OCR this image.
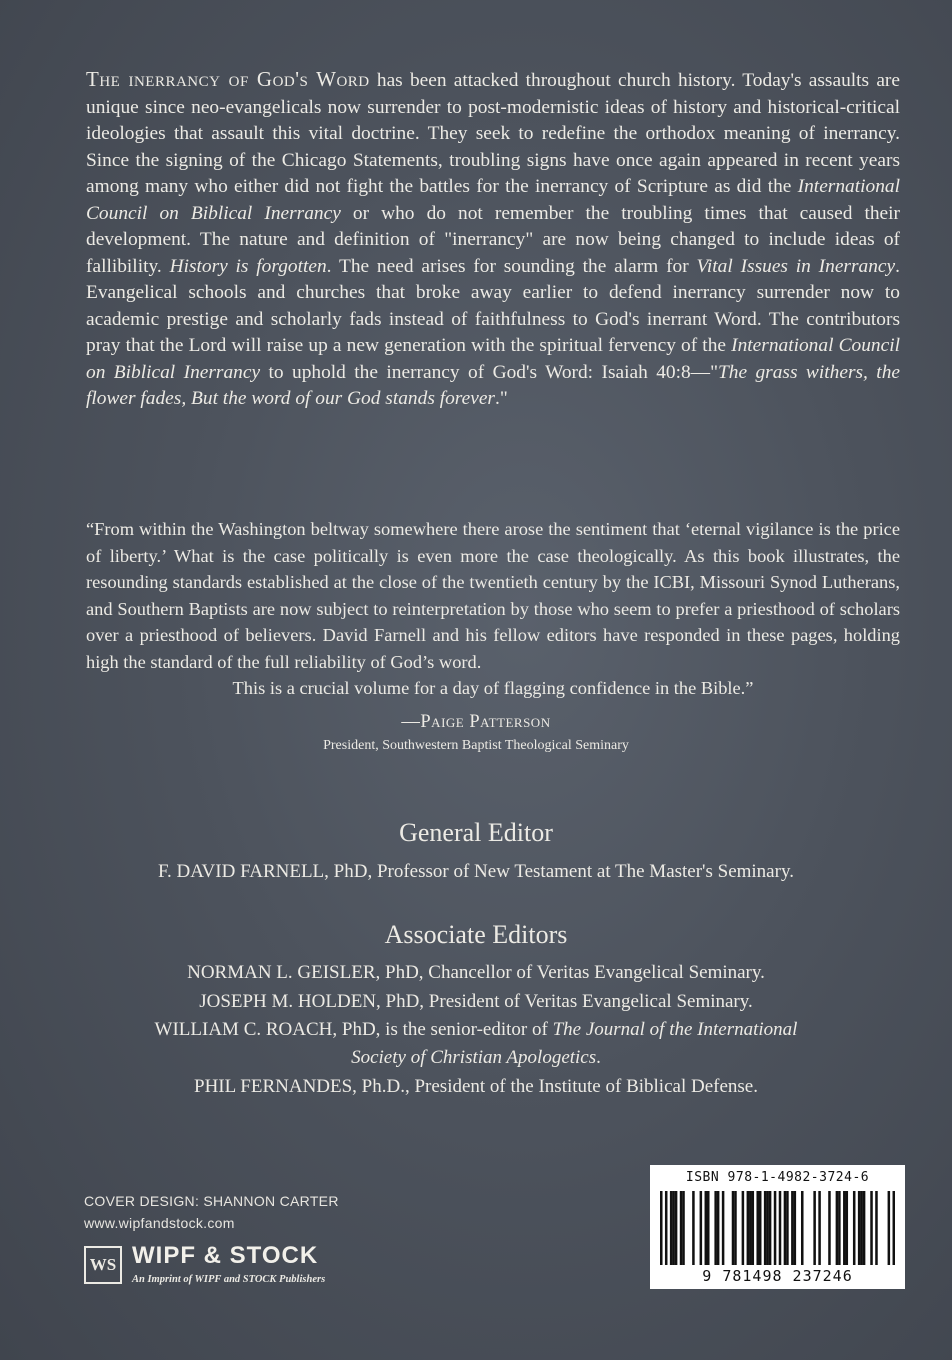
The inerrancy of God's Word has been attacked throughout church history. Today's assaults are unique since neo-evangelicals now surrender to post-modernistic ideas of history and historical-critical ideologies that assault this vital doctrine. They seek to redefine the orthodox meaning of inerrancy. Since the signing of the Chicago Statements, troubling signs have once again appeared in recent years among many who either did not fight the battles for the inerrancy of Scripture as did the International Council on Biblical Inerrancy or who do not remember the troubling times that caused their development. The nature and definition of "inerrancy" are now being changed to include ideas of fallibility. History is forgotten. The need arises for sounding the alarm for Vital Issues in Inerrancy. Evangelical schools and churches that broke away earlier to defend inerrancy surrender now to academic prestige and scholarly fads instead of faithfulness to God's inerrant Word. The contributors pray that the Lord will raise up a new generation with the spiritual fervency of the International Council on Biblical Inerrancy to uphold the inerrancy of God's Word: Isaiah 40:8—"The grass withers, the flower fades, But the word of our God stands forever."
“From within the Washington beltway somewhere there arose the sentiment that ‘eternal vigilance is the price of liberty.’ What is the case politically is even more the case theologically. As this book illustrates, the resounding standards established at the close of the twentieth century by the ICBI, Missouri Synod Lutherans, and Southern Baptists are now subject to reinterpretation by those who seem to prefer a priesthood of scholars over a priesthood of believers. David Farnell and his fellow editors have responded in these pages, holding high the standard of the full reliability of God’s word.
This is a crucial volume for a day of flagging confidence in the Bible.”
—Paige Patterson
President, Southwestern Baptist Theological Seminary
General Editor
F. DAVID FARNELL, PhD, Professor of New Testament at The Master's Seminary.
Associate Editors
NORMAN L. GEISLER, PhD, Chancellor of Veritas Evangelical Seminary.
JOSEPH M. HOLDEN, PhD, President of Veritas Evangelical Seminary.
WILLIAM C. ROACH, PhD, is the senior-editor of The Journal of the International
Society of Christian Apologetics.
PHIL FERNANDES, Ph.D., President of the Institute of Biblical Defense.
COVER DESIGN: SHANNON CARTER
www.wipfandstock.com
WS WIPF & STOCK
An Imprint of WIPF and STOCK Publishers
ISBN 978-1-4982-3724-6
9 781498 237246
